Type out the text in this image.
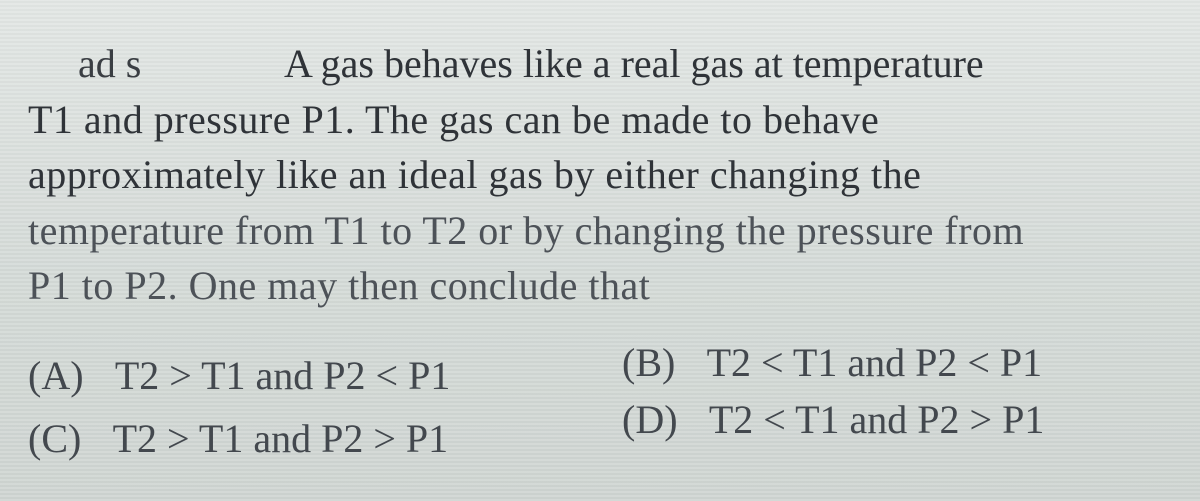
ad s	A gas behaves like a real gas at temperature
T1 and pressure P1. The gas can be made to behave
approximately like an ideal gas by either changing the
temperature from T1 to T2 or by changing the pressure from
P1 to P2. One may then conclude that
(A) T2 > T1 and P2 < P1	(B) T2 < T1 and P2 < P1
(C) T2 > T1 and P2 > P1	(D) T2 < T1 and P2 > P1
